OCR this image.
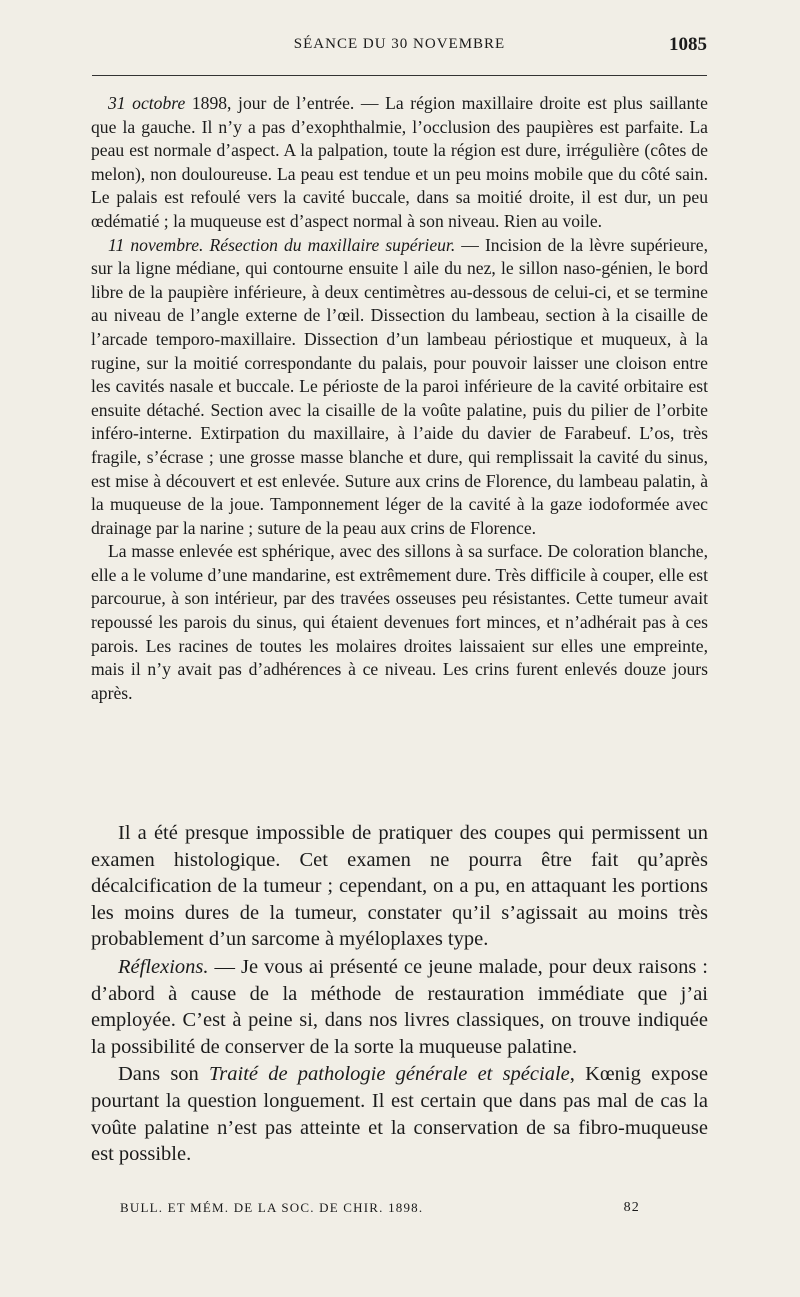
SÉANCE DU 30 NOVEMBRE	1085

31 octobre 1898, jour de l’entrée. — La région maxillaire droite est plus saillante que la gauche. Il n’y a pas d’exophthalmie, l’occlusion des paupières est parfaite. La peau est normale d’aspect. A la palpation, toute la région est dure, irrégulière (côtes de melon), non douloureuse. La peau est tendue et un peu moins mobile que du côté sain. Le palais est refoulé vers la cavité buccale, dans sa moitié droite, il est dur, un peu œdématié ; la muqueuse est d’aspect normal à son niveau. Rien au voile.

11 novembre. Résection du maxillaire supérieur. — Incision de la lèvre supérieure, sur la ligne médiane, qui contourne ensuite l aile du nez, le sillon naso-génien, le bord libre de la paupière inférieure, à deux centimètres au-dessous de celui-ci, et se termine au niveau de l’angle externe de l’œil. Dissection du lambeau, section à la cisaille de l’arcade temporo-maxillaire. Dissection d’un lambeau périostique et muqueux, à la rugine, sur la moitié correspondante du palais, pour pouvoir laisser une cloison entre les cavités nasale et buccale. Le périoste de la paroi inférieure de la cavité orbitaire est ensuite détaché. Section avec la cisaille de la voûte palatine, puis du pilier de l’orbite inféro-interne. Extirpation du maxillaire, à l’aide du davier de Farabeuf. L’os, très fragile, s’écrase ; une grosse masse blanche et dure, qui remplissait la cavité du sinus, est mise à découvert et est enlevée. Suture aux crins de Florence, du lambeau palatin, à la muqueuse de la joue. Tamponnement léger de la cavité à la gaze iodoformée avec drainage par la narine ; suture de la peau aux crins de Florence.

La masse enlevée est sphérique, avec des sillons à sa surface. De coloration blanche, elle a le volume d’une mandarine, est extrêmement dure. Très difficile à couper, elle est parcourue, à son intérieur, par des travées osseuses peu résistantes. Cette tumeur avait repoussé les parois du sinus, qui étaient devenues fort minces, et n’adhérait pas à ces parois. Les racines de toutes les molaires droites laissaient sur elles une empreinte, mais il n’y avait pas d’adhérences à ce niveau. Les crins furent enlevés douze jours après.

Il a été presque impossible de pratiquer des coupes qui permissent un examen histologique. Cet examen ne pourra être fait qu’après décalcification de la tumeur ; cependant, on a pu, en attaquant les portions les moins dures de la tumeur, constater qu’il s’agissait au moins très probablement d’un sarcome à myéloplaxes type.

Réflexions. — Je vous ai présenté ce jeune malade, pour deux raisons : d’abord à cause de la méthode de restauration immédiate que j’ai employée. C’est à peine si, dans nos livres classiques, on trouve indiquée la possibilité de conserver de la sorte la muqueuse palatine.

Dans son Traité de pathologie générale et spéciale, Kœnig expose pourtant la question longuement. Il est certain que dans pas mal de cas la voûte palatine n’est pas atteinte et la conservation de sa fibro-muqueuse est possible.

BULL. ET MÉM. DE LA SOC. DE CHIR. 1898.	82
